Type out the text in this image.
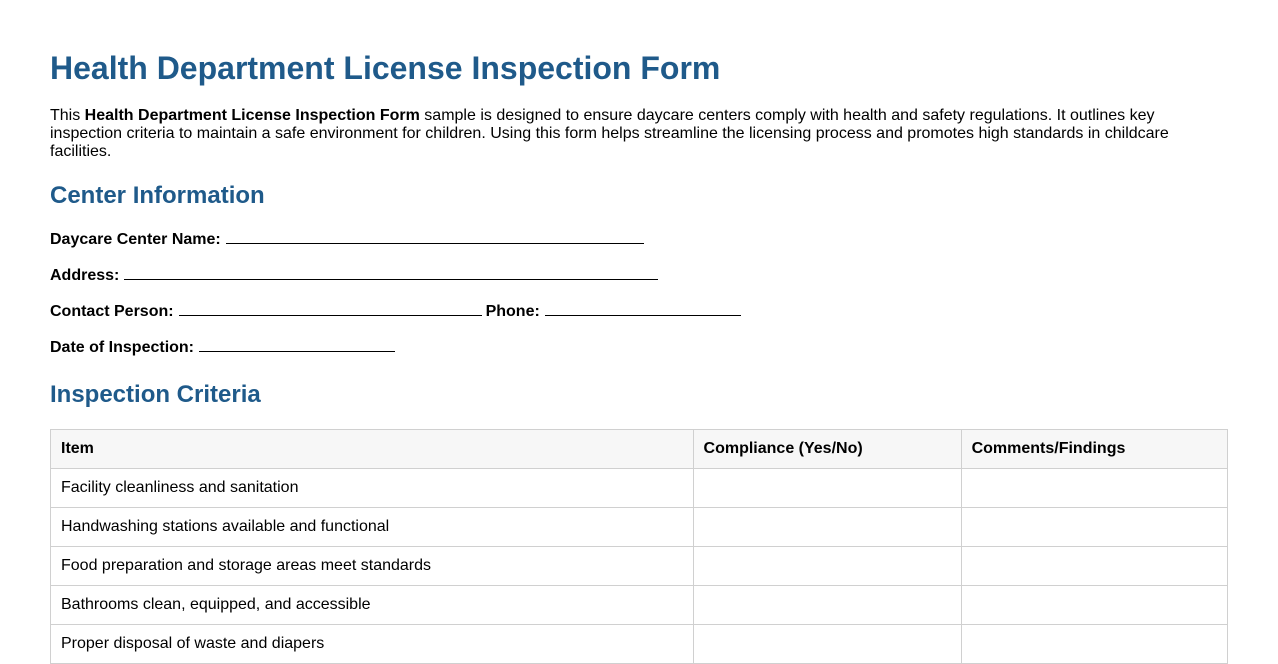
Health Department License Inspection Form

This Health Department License Inspection Form sample is designed to ensure daycare centers comply with health and safety regulations. It outlines key inspection criteria to maintain a safe environment for children. Using this form helps streamline the licensing process and promotes high standards in childcare facilities.

Center Information
Daycare Center Name:
Address:
Contact Person:	Phone:
Date of Inspection:
Inspection Criteria
Item	Compliance (Yes/No)	Comments/Findings
Facility cleanliness and sanitation		
Handwashing stations available and functional		
Food preparation and storage areas meet standards		
Bathrooms clean, equipped, and accessible		
Proper disposal of waste and diapers		
